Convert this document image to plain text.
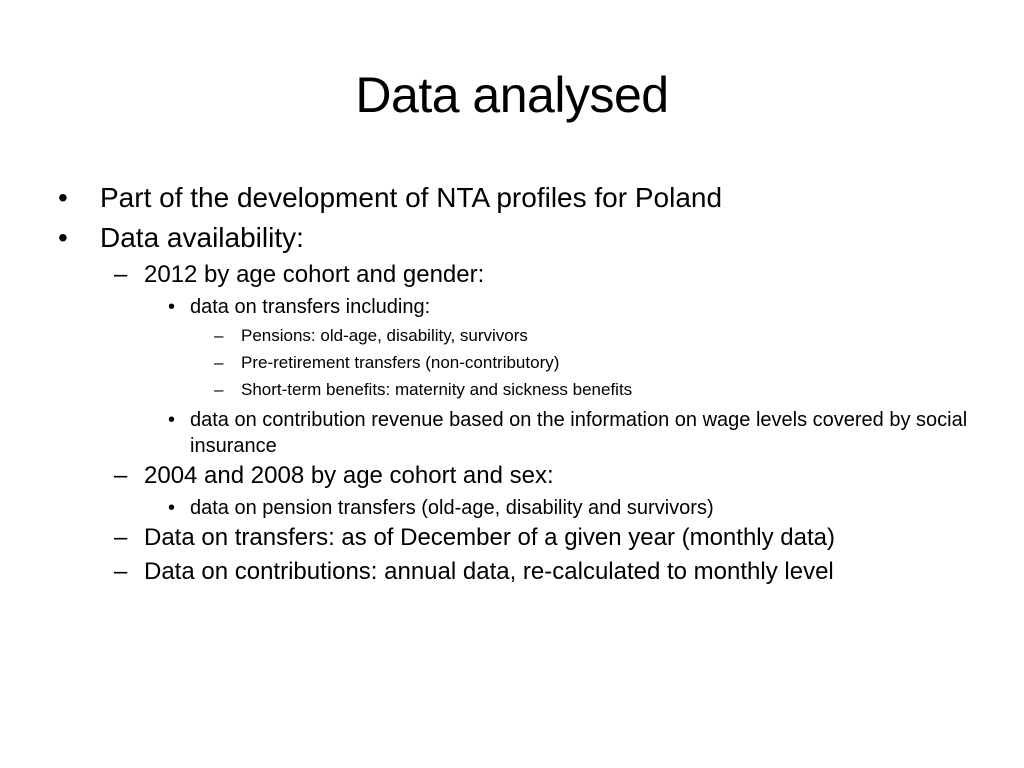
Data analysed
•	Part of the development of NTA profiles for Poland
•	Data availability:
– 2012 by age cohort and gender:
• data on transfers including:
–	Pensions: old-age, disability, survivors
–	Pre-retirement transfers (non-contributory)
–	Short-term benefits: maternity and sickness benefits
• data on contribution revenue based on the information on wage levels covered by social insurance
– 2004 and 2008 by age cohort and sex:
• data on pension transfers (old-age, disability and survivors)
– Data on transfers: as of December of a given year (monthly data)
– Data on contributions: annual data, re-calculated to monthly level
